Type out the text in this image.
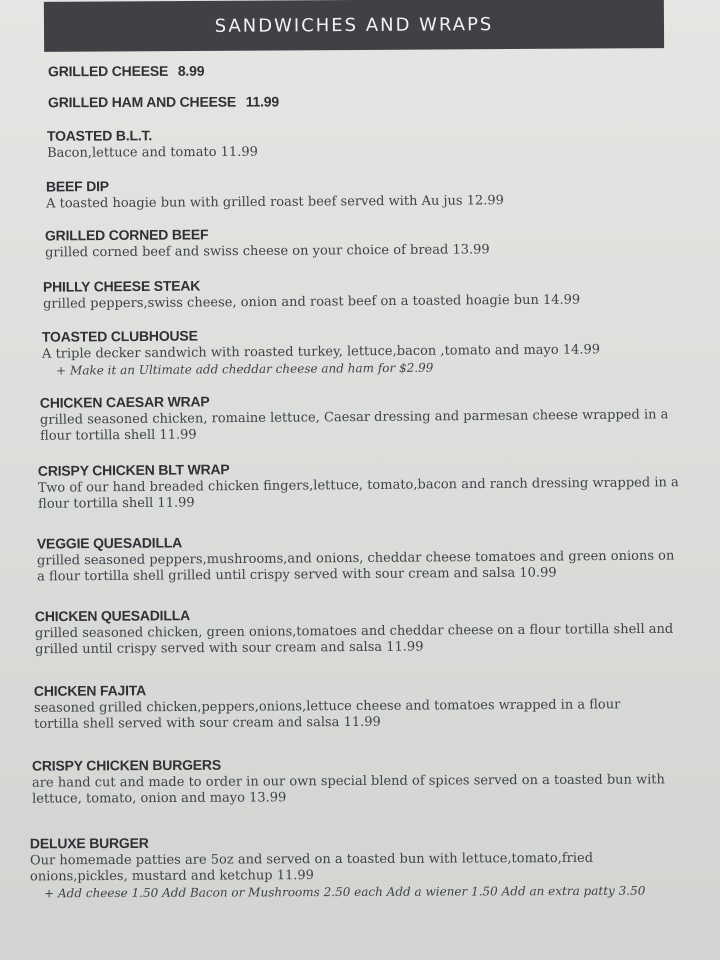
SANDWICHES AND WRAPS
GRILLED CHEESE 8.99
GRILLED HAM AND CHEESE 11.99
TOASTED B.L.T.
Bacon,lettuce and tomato 11.99
BEEF DIP
A toasted hoagie bun with grilled roast beef served with Au jus 12.99
GRILLED CORNED BEEF
grilled corned beef and swiss cheese on your choice of bread 13.99
PHILLY CHEESE STEAK
grilled peppers,swiss cheese, onion and roast beef on a toasted hoagie bun 14.99
TOASTED CLUBHOUSE
A triple decker sandwich with roasted turkey, lettuce,bacon ,tomato and mayo 14.99
+ Make it an Ultimate add cheddar cheese and ham for $2.99
CHICKEN CAESAR WRAP
grilled seasoned chicken, romaine lettuce, Caesar dressing and parmesan cheese wrapped in a flour tortilla shell 11.99
CRISPY CHICKEN BLT WRAP
Two of our hand breaded chicken fingers,lettuce, tomato,bacon and ranch dressing wrapped in a flour tortilla shell 11.99
VEGGIE QUESADILLA
grilled seasoned peppers,mushrooms,and onions, cheddar cheese tomatoes and green onions on a flour tortilla shell grilled until crispy served with sour cream and salsa 10.99
CHICKEN QUESADILLA
grilled seasoned chicken, green onions,tomatoes and cheddar cheese on a flour tortilla shell and grilled until crispy served with sour cream and salsa 11.99
CHICKEN FAJITA
seasoned grilled chicken,peppers,onions,lettuce cheese and tomatoes wrapped in a flour tortilla shell served with sour cream and salsa 11.99
CRISPY CHICKEN BURGERS
are hand cut and made to order in our own special blend of spices served on a toasted bun with lettuce, tomato, onion and mayo 13.99
DELUXE BURGER
Our homemade patties are 5oz and served on a toasted bun with lettuce,tomato,fried onions,pickles, mustard and ketchup 11.99
+ Add cheese 1.50 Add Bacon or Mushrooms 2.50 each Add a wiener 1.50 Add an extra patty 3.50
